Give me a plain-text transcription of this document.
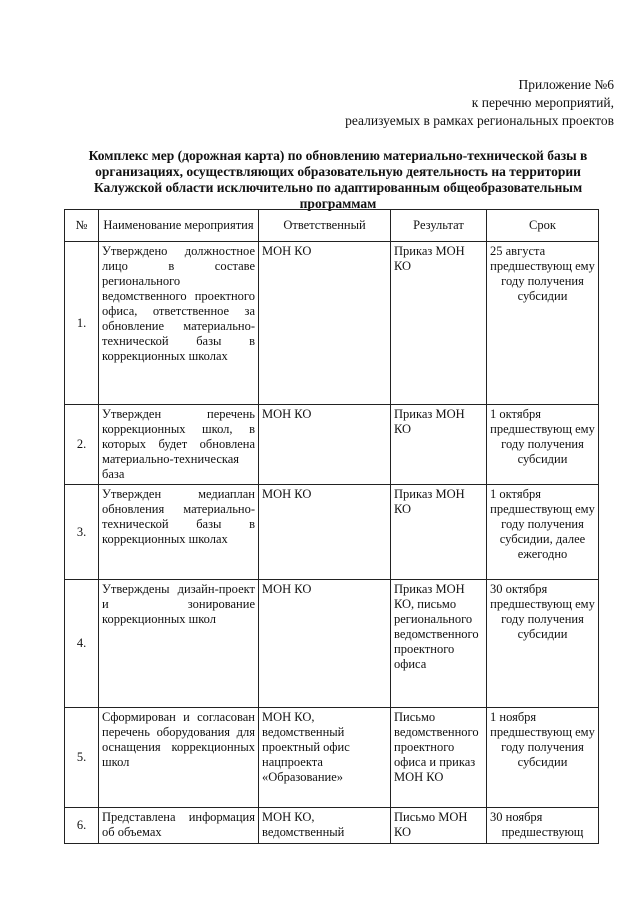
Приложение №6
к перечню мероприятий,
реализуемых в рамках региональных проектов
Комплекс мер (дорожная карта) по обновлению материально-технической базы в организациях, осуществляющих образовательную деятельность на территории Калужской области исключительно по адаптированным общеобразовательным программам
№	Наименование мероприятия	Ответственный	Результат	Срок
1.	Утверждено должностное лицо в составе регионального ведомственного проектного офиса, ответственное за обновление материально-технической базы в коррекционных школах	МОН КО	Приказ МОН КО	25 августа
предшествующ ему году получения субсидии
2.	Утвержден перечень коррекционных школ, в которых будет обновлена материально-техническая база	МОН КО	Приказ МОН КО	1 октября
предшествующ ему году получения субсидии
3.	Утвержден медиаплан обновления материально-технической базы в коррекционных школах	МОН КО	Приказ МОН КО	1 октября
предшествующ ему году получения субсидии, далее ежегодно
4.	Утверждены дизайн-проект и зонирование коррекционных школ	МОН КО	Приказ МОН КО, письмо регионального ведомственного проектного офиса	30 октября
предшествующ ему году получения субсидии
5.	Сформирован и согласован перечень оборудования для оснащения коррекционных школ	МОН КО, ведомственный проектный офис нацпроекта «Образование»	Письмо ведомственного проектного офиса и приказ МОН КО	1 ноября
предшествующ ему году получения субсидии
6.	Представлена информация об объемах	МОН КО, ведомственный	Письмо МОН КО	30 ноября
предшествующ
